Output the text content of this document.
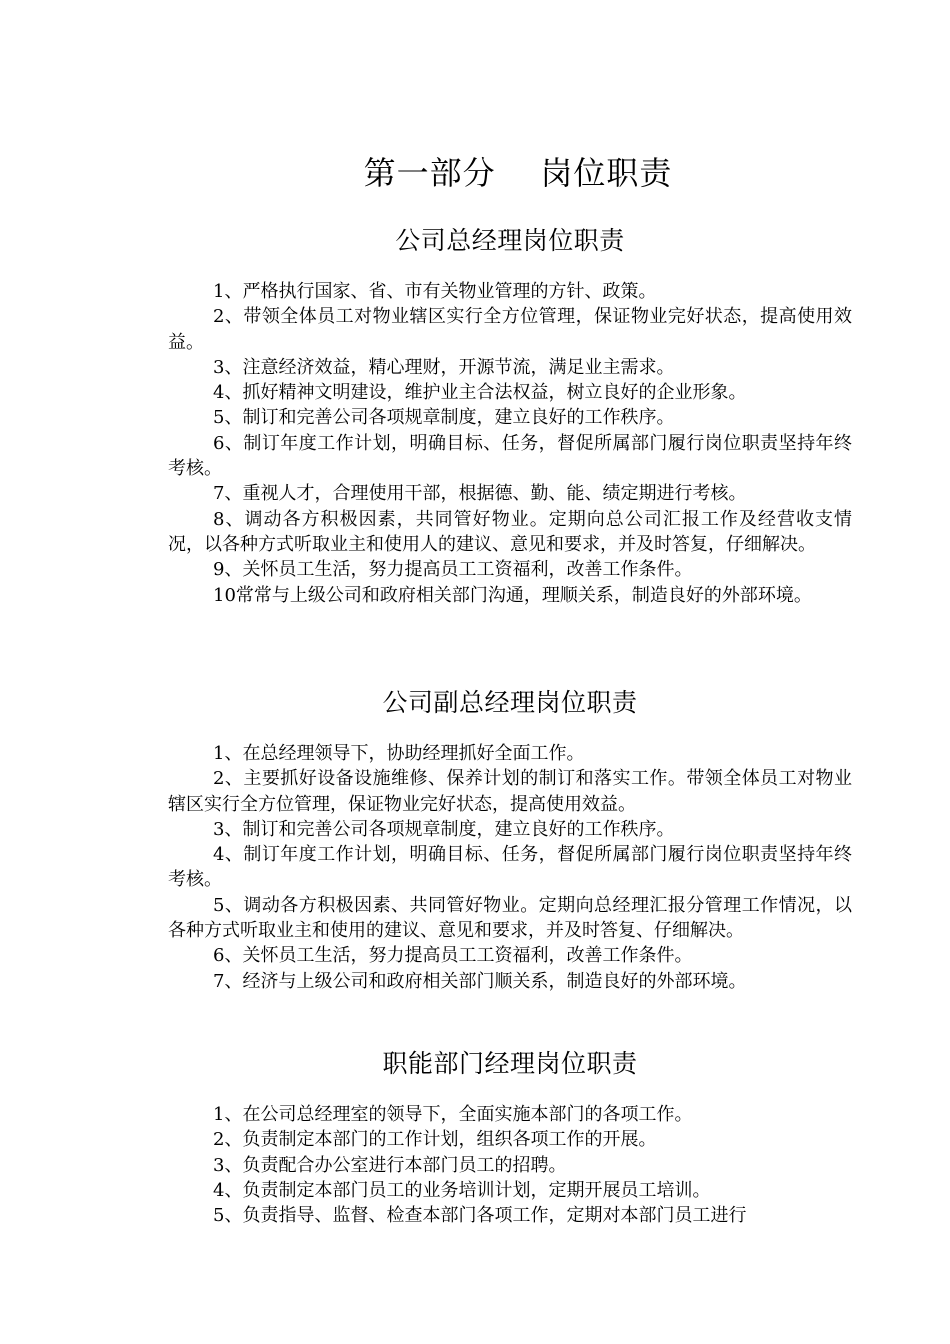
第一部分    岗位职责
公司总经理岗位职责

1、严格执行国家、省、市有关物业管理的方针、政策。

2、带领全体员工对物业辖区实行全方位管理，保证物业完好状态，提高使用效益。

3、注意经济效益，精心理财，开源节流，满足业主需求。

4、抓好精神文明建设，维护业主合法权益，树立良好的企业形象。

5、制订和完善公司各项规章制度，建立良好的工作秩序。

6、制订年度工作计划，明确目标、任务，督促所属部门履行岗位职责坚持年终考核。

7、重视人才，合理使用干部，根据德、勤、能、绩定期进行考核。

8、调动各方积极因素，共同管好物业。定期向总公司汇报工作及经营收支情况，以各种方式听取业主和使用人的建议、意见和要求，并及时答复，仔细解决。

9、关怀员工生活，努力提高员工工资福利，改善工作条件。

10常常与上级公司和政府相关部门沟通，理顺关系，制造良好的外部环境。

公司副总经理岗位职责

1、在总经理领导下，协助经理抓好全面工作。

2、主要抓好设备设施维修、保养计划的制订和落实工作。带领全体员工对物业辖区实行全方位管理，保证物业完好状态，提高使用效益。

3、制订和完善公司各项规章制度，建立良好的工作秩序。

4、制订年度工作计划，明确目标、任务，督促所属部门履行岗位职责坚持年终考核。

5、调动各方积极因素、共同管好物业。定期向总经理汇报分管理工作情况，以各种方式听取业主和使用的建议、意见和要求，并及时答复、仔细解决。

6、关怀员工生活，努力提高员工工资福利，改善工作条件。

7、经济与上级公司和政府相关部门顺关系，制造良好的外部环境。

职能部门经理岗位职责

1、在公司总经理室的领导下，全面实施本部门的各项工作。

2、负责制定本部门的工作计划，组织各项工作的开展。

3、负责配合办公室进行本部门员工的招聘。

4、负责制定本部门员工的业务培训计划，定期开展员工培训。

5、负责指导、监督、检查本部门各项工作，定期对本部门员工进行
